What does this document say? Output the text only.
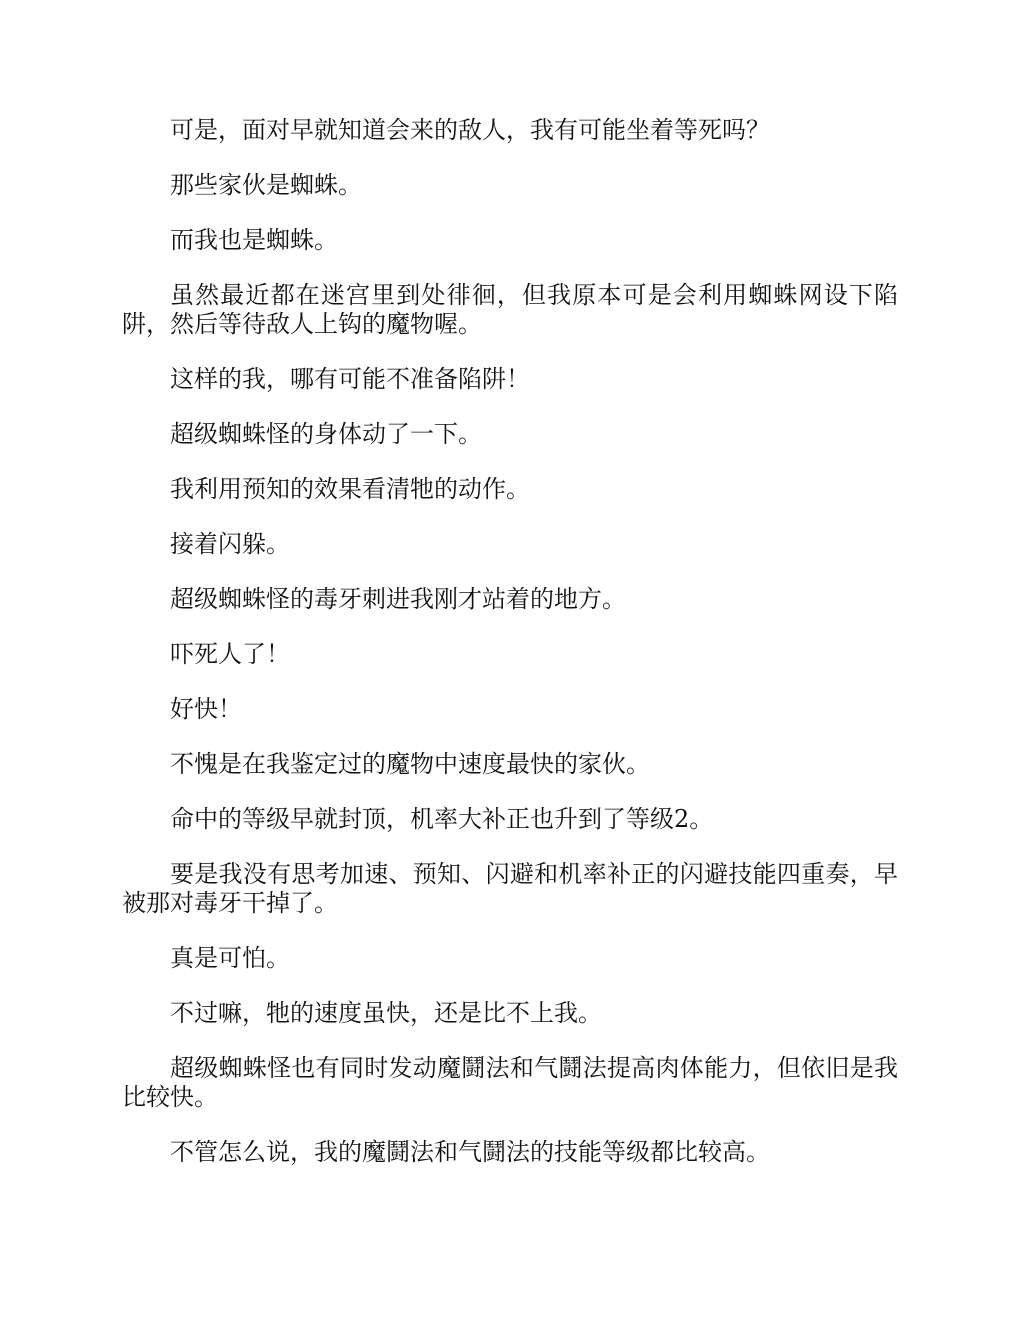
可是，面对早就知道会来的敌人，我有可能坐着等死吗？

那些家伙是蜘蛛。

而我也是蜘蛛。

虽然最近都在迷宫里到处徘徊，但我原本可是会利用蜘蛛网设下陷阱，然后等待敌人上钩的魔物喔。

这样的我，哪有可能不准备陷阱！

超级蜘蛛怪的身体动了一下。

我利用预知的效果看清牠的动作。

接着闪躲。

超级蜘蛛怪的毒牙刺进我刚才站着的地方。

吓死人了！

好快！

不愧是在我鉴定过的魔物中速度最快的家伙。

命中的等级早就封顶，机率大补正也升到了等级2。

要是我没有思考加速、预知、闪避和机率补正的闪避技能四重奏，早被那对毒牙干掉了。

真是可怕。

不过嘛，牠的速度虽快，还是比不上我。

超级蜘蛛怪也有同时发动魔鬪法和气鬪法提高肉体能力，但依旧是我比较快。

不管怎么说，我的魔鬪法和气鬪法的技能等级都比较高。
